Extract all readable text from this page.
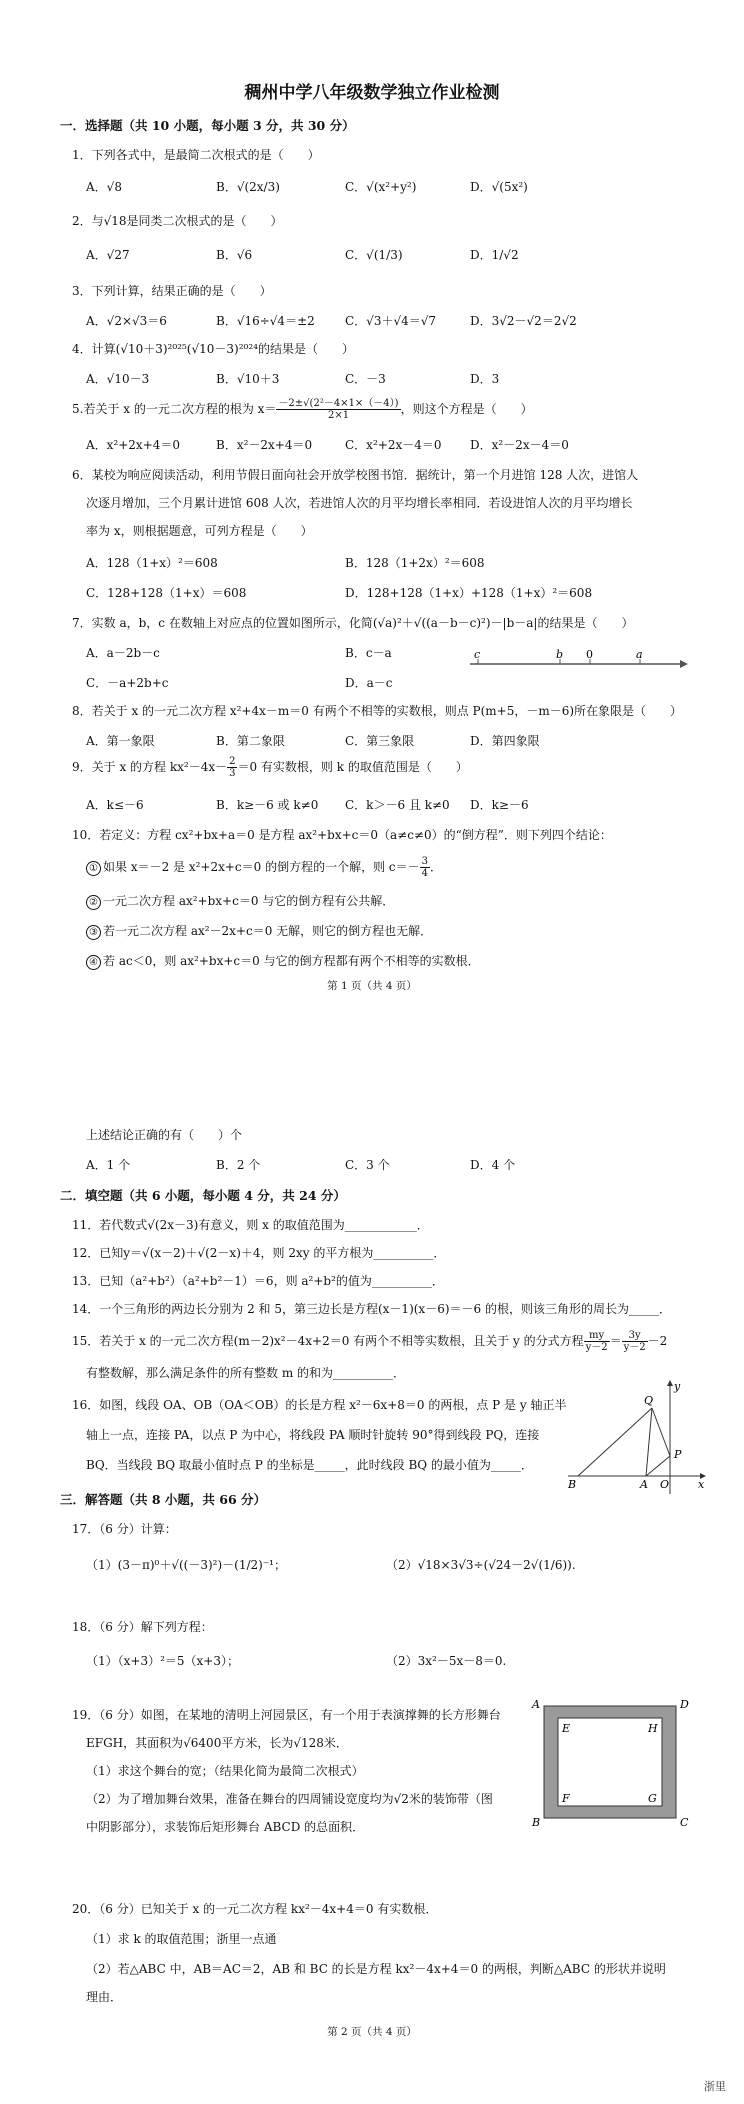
稠州中学八年级数学独立作业检测
一．选择题（共 10 小题，每小题 3 分，共 30 分）
1．下列各式中，是最简二次根式的是（　　）
A．√8	B．√(2x/3)	C．√(x²+y²)	D．√(5x²)
2．与√18是同类二次根式的是（　　）
A．√27	B．√6	C．√(1/3)	D．1/√2
3．下列计算，结果正确的是（　　）
A．√2×√3＝6	B．√16÷√4＝±2	C．√3＋√4＝√7	D．3√2－√2＝2√2
4．计算(√10＋3)²⁰²⁵(√10－3)²⁰²⁴的结果是（　　）
A．√10－3	B．√10＋3	C．－3	D．3
5.若关于 x 的一元二次方程的根为 $x= \frac{\text{－2±√(2²－4×1×（－4）)}}{2\times 1}$ ，则这个方程是（　　）
A．x²+2x+4＝0	B．x²－2x+4＝0	C．x²+2x－4＝0 D．x²－2x－4＝0
6．某校为响应阅读活动，利用节假日面向社会开放学校图书馆．据统计，第一个月进馆 128 人次，进馆人
次逐月增加，三个月累计进馆 608 人次，若进馆人次的月平均增长率相同．若设进馆人次的月平均增长
率为 x，则根据题意，可列方程是（　　）
A．128（1+x）²＝608	B．128（1+2x）²＝608
C．128+128（1+x）＝608	D．128+128（1+x）+128（1+x）²＝608
7．实数 a，b，c 在数轴上对应点的位置如图所示，化简(√a)²＋√((a－b－c)²)－|b－a|的结果是（　　）
A．a－2b－c	B．c－a
C．－a+2b+c	D．a－c
c	b 0	a
8．若关于 x 的一元二次方程 x²+4x－m＝0 有两个不相等的实数根，则点 P(m+5，－m－6)所在象限是（　　）
A．第一象限	B．第二象限	C．第三象限	D．第四象限
9．关于 x 的方程 $kx^2-4x- \frac{2}{3} =0$ 有实数根，则 k 的取值范围是（　　）
A．k≤－6	B．k≥－6 或 k≠0 C．k＞－6 且 k≠0 D．k≥－6
10．若定义：方程 cx²+bx+a＝0 是方程 ax²+bx+c＝0（a≠c≠0）的“倒方程”．则下列四个结论：
① 如果 x＝－2 是 x²+2x+c＝0 的倒方程的一个解，则 $c=- \frac{3}{4}$ ．
② 一元二次方程 ax²+bx+c＝0 与它的倒方程有公共解．
③ 若一元二次方程 ax²－2x+c＝0 无解，则它的倒方程也无解．
④ 若 ac＜0，则 ax²+bx+c＝0 与它的倒方程都有两个不相等的实数根．
第 1 页（共 4 页）
上述结论正确的有（　　）个
A．1 个	B．2 个	C．3 个	D．4 个
二．填空题（共 6 小题，每小题 4 分，共 24 分）
11．若代数式√(2x－3)有意义，则 x 的取值范围为____________．
12．已知y＝√(x－2)＋√(2－x)＋4，则 2xy 的平方根为__________．
13．已知（a²+b²）（a²+b²－1）＝6，则 a²+b²的值为__________．
14．一个三角形的两边长分别为 2 和 5，第三边长是方程(x－1)(x－6)＝－6 的根，则该三角形的周长为_____．
15．若关于 x 的一元二次方程(m－2)x²－4x+2＝0 有两个不相等实数根，且关于 y 的分式方程 $\frac{my}{y-2} = \frac{3y}{y-2} -2$
有整数解，那么满足条件的所有整数 m 的和为__________．
16．如图，线段 OA、OB（OA＜OB）的长是方程 x²－6x+8＝0 的两根，点 P 是 y 轴正半
轴上一点，连接 PA，以点 P 为中心，将线段 PA 顺时针旋转 90°得到线段 PQ，连接
BQ．当线段 BQ 取最小值时点 P 的坐标是_____，此时线段 BQ 的最小值为_____．
y
Q
P
B	A O	x
三．解答题（共 8 小题，共 66 分）
17．（6 分）计算：
（1）(3－π)⁰＋√((－3)²)－(1/2)⁻¹；	（2）√18×3√3÷(√24－2√(1/6)).
18．（6 分）解下列方程：
（1）（x+3）²＝5（x+3）；	（2）3x²－5x－8＝0.
19．（6 分）如图，在某地的清明上河园景区，有一个用于表演撑舞的长方形舞台
EFGH，其面积为√6400平方米，长为√128米．
（1）求这个舞台的宽；（结果化简为最简二次根式）
（2）为了增加舞台效果，准备在舞台的四周铺设宽度均为√2米的装饰带（图
中阴影部分），求装饰后矩形舞台 ABCD 的总面积．
A	D
E	H
F	G
B	C
20．（6 分）已知关于 x 的一元二次方程 kx²－4x+4＝0 有实数根．
（1）求 k 的取值范围；浙里一点通
（2）若△ABC 中，AB＝AC＝2，AB 和 BC 的长是方程 kx²－4x+4＝0 的两根，判断△ABC 的形状并说明
理由．
第 2 页（共 4 页）
浙里
